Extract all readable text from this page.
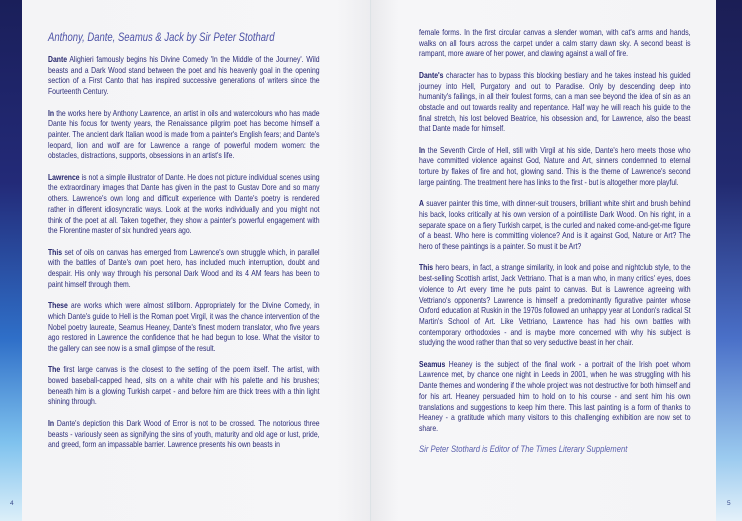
Anthony, Dante, Seamus & Jack by Sir Peter Stothard

Dante Alighieri famously begins his Divine Comedy 'In the Middle of the Journey'. Wild beasts and a Dark Wood stand between the poet and his heavenly goal in the opening section of a First Canto that has inspired successive generations of writers since the Fourteenth Century.

In the works here by Anthony Lawrence, an artist in oils and watercolours who has made Dante his focus for twenty years, the Renaissance pilgrim poet has become himself a painter. The ancient dark Italian wood is made from a painter's English fears; and Dante's leopard, lion and wolf are for Lawrence a range of powerful modern women: the obstacles, distractions, supports, obsessions in an artist's life.

Lawrence is not a simple illustrator of Dante. He does not picture individual scenes using the extraordinary images that Dante has given in the past to Gustav Dore and so many others. Lawrence's own long and difficult experience with Dante's poetry is rendered rather in different idiosyncratic ways. Look at the works individually and you might not think of the poet at all. Taken together, they show a painter's powerful engagement with the Florentine master of six hundred years ago.

This set of oils on canvas has emerged from Lawrence's own struggle which, in parallel with the battles of Dante's own poet hero, has included much interruption, doubt and despair. His only way through his personal Dark Wood and its 4 AM fears has been to paint himself through them.

These are works which were almost stillborn. Appropriately for the Divine Comedy, in which Dante's guide to Hell is the Roman poet Virgil, it was the chance intervention of the Nobel poetry laureate, Seamus Heaney, Dante's finest modern translator, who five years ago restored in Lawrence the confidence that he had begun to lose. What the visitor to the gallery can see now is a small glimpse of the result.

The first large canvas is the closest to the setting of the poem itself. The artist, with bowed baseball-capped head, sits on a white chair with his palette and his brushes; beneath him is a glowing Turkish carpet - and before him are thick trees with a thin light shining through.

In Dante's depiction this Dark Wood of Error is not to be crossed. The notorious three beasts - variously seen as signifying the sins of youth, maturity and old age or lust, pride, and greed, form an impassable barrier. Lawrence presents his own beasts in

female forms. In the first circular canvas a slender woman, with cat's arms and hands, walks on all fours across the carpet under a calm starry dawn sky. A second beast is rampant, more aware of her power, and clawing against a wall of fire.

Dante's character has to bypass this blocking bestiary and he takes instead his guided journey into Hell, Purgatory and out to Paradise. Only by descending deep into humanity's failings, in all their foulest forms, can a man see beyond the idea of sin as an obstacle and out towards reality and repentance. Half way he will reach his guide to the final stretch, his lost beloved Beatrice, his obsession and, for Lawrence, also the beast that Dante made for himself.

In the Seventh Circle of Hell, still with Virgil at his side, Dante's hero meets those who have committed violence against God, Nature and Art, sinners condemned to eternal torture by flakes of fire and hot, glowing sand. This is the theme of Lawrence's second large painting. The treatment here has links to the first - but is altogether more playful.

A suaver painter this time, with dinner-suit trousers, brilliant white shirt and brush behind his back, looks critically at his own version of a pointilliste Dark Wood. On his right, in a separate space on a fiery Turkish carpet, is the curled and naked come-and-get-me figure of a beast. Who here is committing violence? And is it against God, Nature or Art? The hero of these paintings is a painter. So must it be Art?

This hero bears, in fact, a strange similarity, in look and poise and nightclub style, to the best-selling Scottish artist, Jack Vettriano. That is a man who, in many critics' eyes, does violence to Art every time he puts paint to canvas. But is Lawrence agreeing with Vettriano's opponents? Lawrence is himself a predominantly figurative painter whose Oxford education at Ruskin in the 1970s followed an unhappy year at London's radical St Martin's School of Art. Like Vettriano, Lawrence has had his own battles with contemporary orthodoxies - and is maybe more concerned with why his subject is studying the wood rather than that so very seductive beast in her chair.

Seamus Heaney is the subject of the final work - a portrait of the Irish poet whom Lawrence met, by chance one night in Leeds in 2001, when he was struggling with his Dante themes and wondering if the whole project was not destructive for both himself and for his art. Heaney persuaded him to hold on to his course - and sent him his own translations and suggestions to keep him there. This last painting is a form of thanks to Heaney - a gratitude which many visitors to this challenging exhibition are now set to share.

Sir Peter Stothard is Editor of The Times Literary Supplement
4	5
